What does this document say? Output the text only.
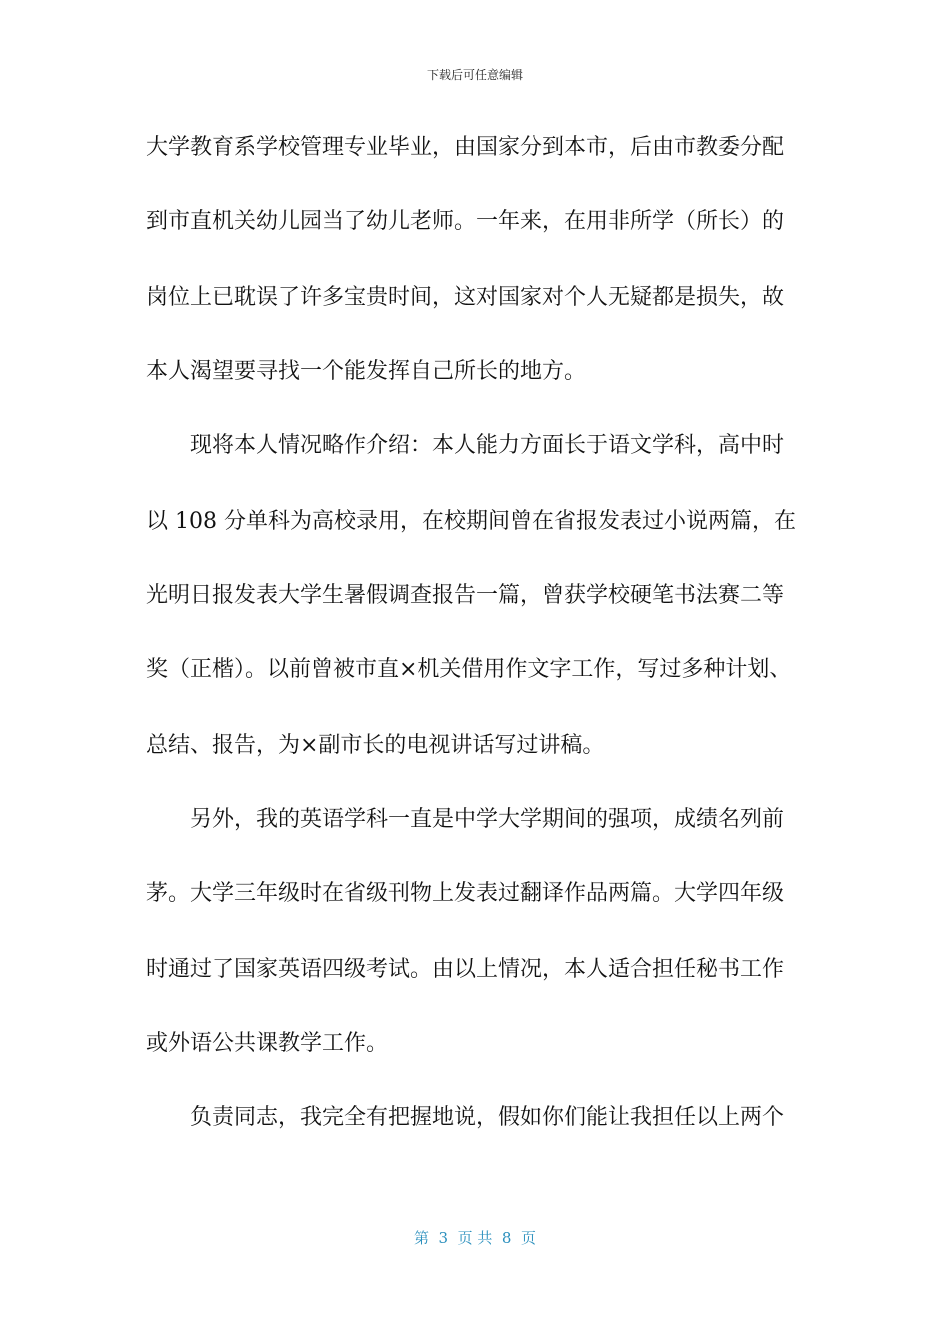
下载后可任意编辑
大学教育系学校管理专业毕业，由国家分到本市，后由市教委分配
到市直机关幼儿园当了幼儿老师。一年来，在用非所学（所长）的
岗位上已耽误了许多宝贵时间，这对国家对个人无疑都是损失，故
本人渴望要寻找一个能发挥自己所长的地方。
　　现将本人情况略作介绍：本人能力方面长于语文学科，高中时
以 108 分单科为高校录用，在校期间曾在省报发表过小说两篇，在
光明日报发表大学生暑假调查报告一篇，曾获学校硬笔书法赛二等
奖（正楷）。以前曾被市直×机关借用作文字工作，写过多种计划、
总结、报告，为×副市长的电视讲话写过讲稿。
　　另外，我的英语学科一直是中学大学期间的强项，成绩名列前
茅。大学三年级时在省级刊物上发表过翻译作品两篇。大学四年级
时通过了国家英语四级考试。由以上情况，本人适合担任秘书工作
或外语公共课教学工作。
　　负责同志，我完全有把握地说，假如你们能让我担任以上两个
第  3  页 共  8  页
